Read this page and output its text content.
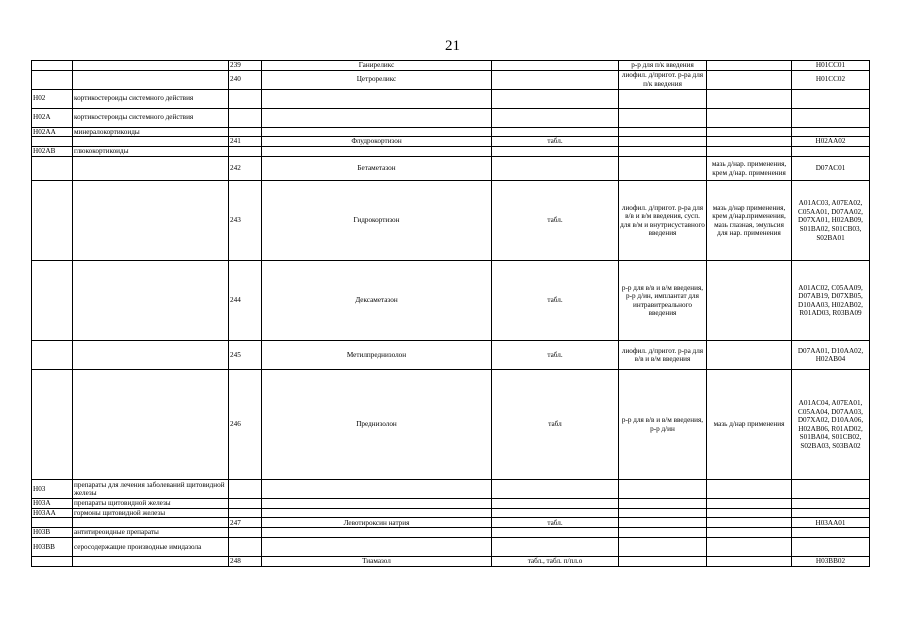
21
		239	Ганиреликс		р-р для п/к введения		H01CC01
		240	Цетрореликс		лиофил. д/пригот. р-ра для п/к введения		H01CC02
H02	кортикостероиды системного действия						
H02A	кортикостероиды системного действия						
H02AA	минералокортикоиды						
		241	Флудрокортизон	табл.			H02AA02
H02AB	глюкокортикоиды						
		242	Бетаметазон			мазь д/нар. применения, крем д/нар. применения	D07AC01
		243	Гидрокортизон	табл.	лиофил. д/пригот. р-ра для в/в и в/м введения, сусп. для в/м и внутрисуставного введения	мазь д/нар применения, крем д/нар.применения, мазь глазная, эмульсия для нар. применения	A01AC03, A07EA02, C05AA01, D07AA02, D07XA01, H02AB09, S01BA02, S01CB03, S02BA01
		244	Дексаметазон	табл.	р-р для в/в и в/м введения, р-р д/ин, имплантат для интравитреального введения		A01AC02, C05AA09, D07AB19, D07XB05, D10AA03, H02AB02, R01AD03, R03BA09
		245	Метилпреднизолон	табл.	лиофил. д/пригот. р-ра для в/в и в/м введения		D07AA01, D10AA02, H02AB04
		246	Преднизолон	табл	р-р для в/в и в/м введения, р-р д/ин	мазь д/нар применения	A01AC04, A07EA01, C05AA04, D07AA03, D07XA02, D10AA06, H02AB06, R01AD02, S01BA04, S01CB02, S02BA03, S03BA02
H03	препараты для лечения заболеваний щитовидной железы						
H03A	препараты щитовидной железы						
H03AA	гормоны щитовидной железы						
		247	Левотироксин натрия	табл.			H03AA01
H03B	антитиреоидные препараты						
H03BB	серосодержащие производные имидазола						
		248	Тиамазол	табл., табл. п/пл.о			H03BB02
